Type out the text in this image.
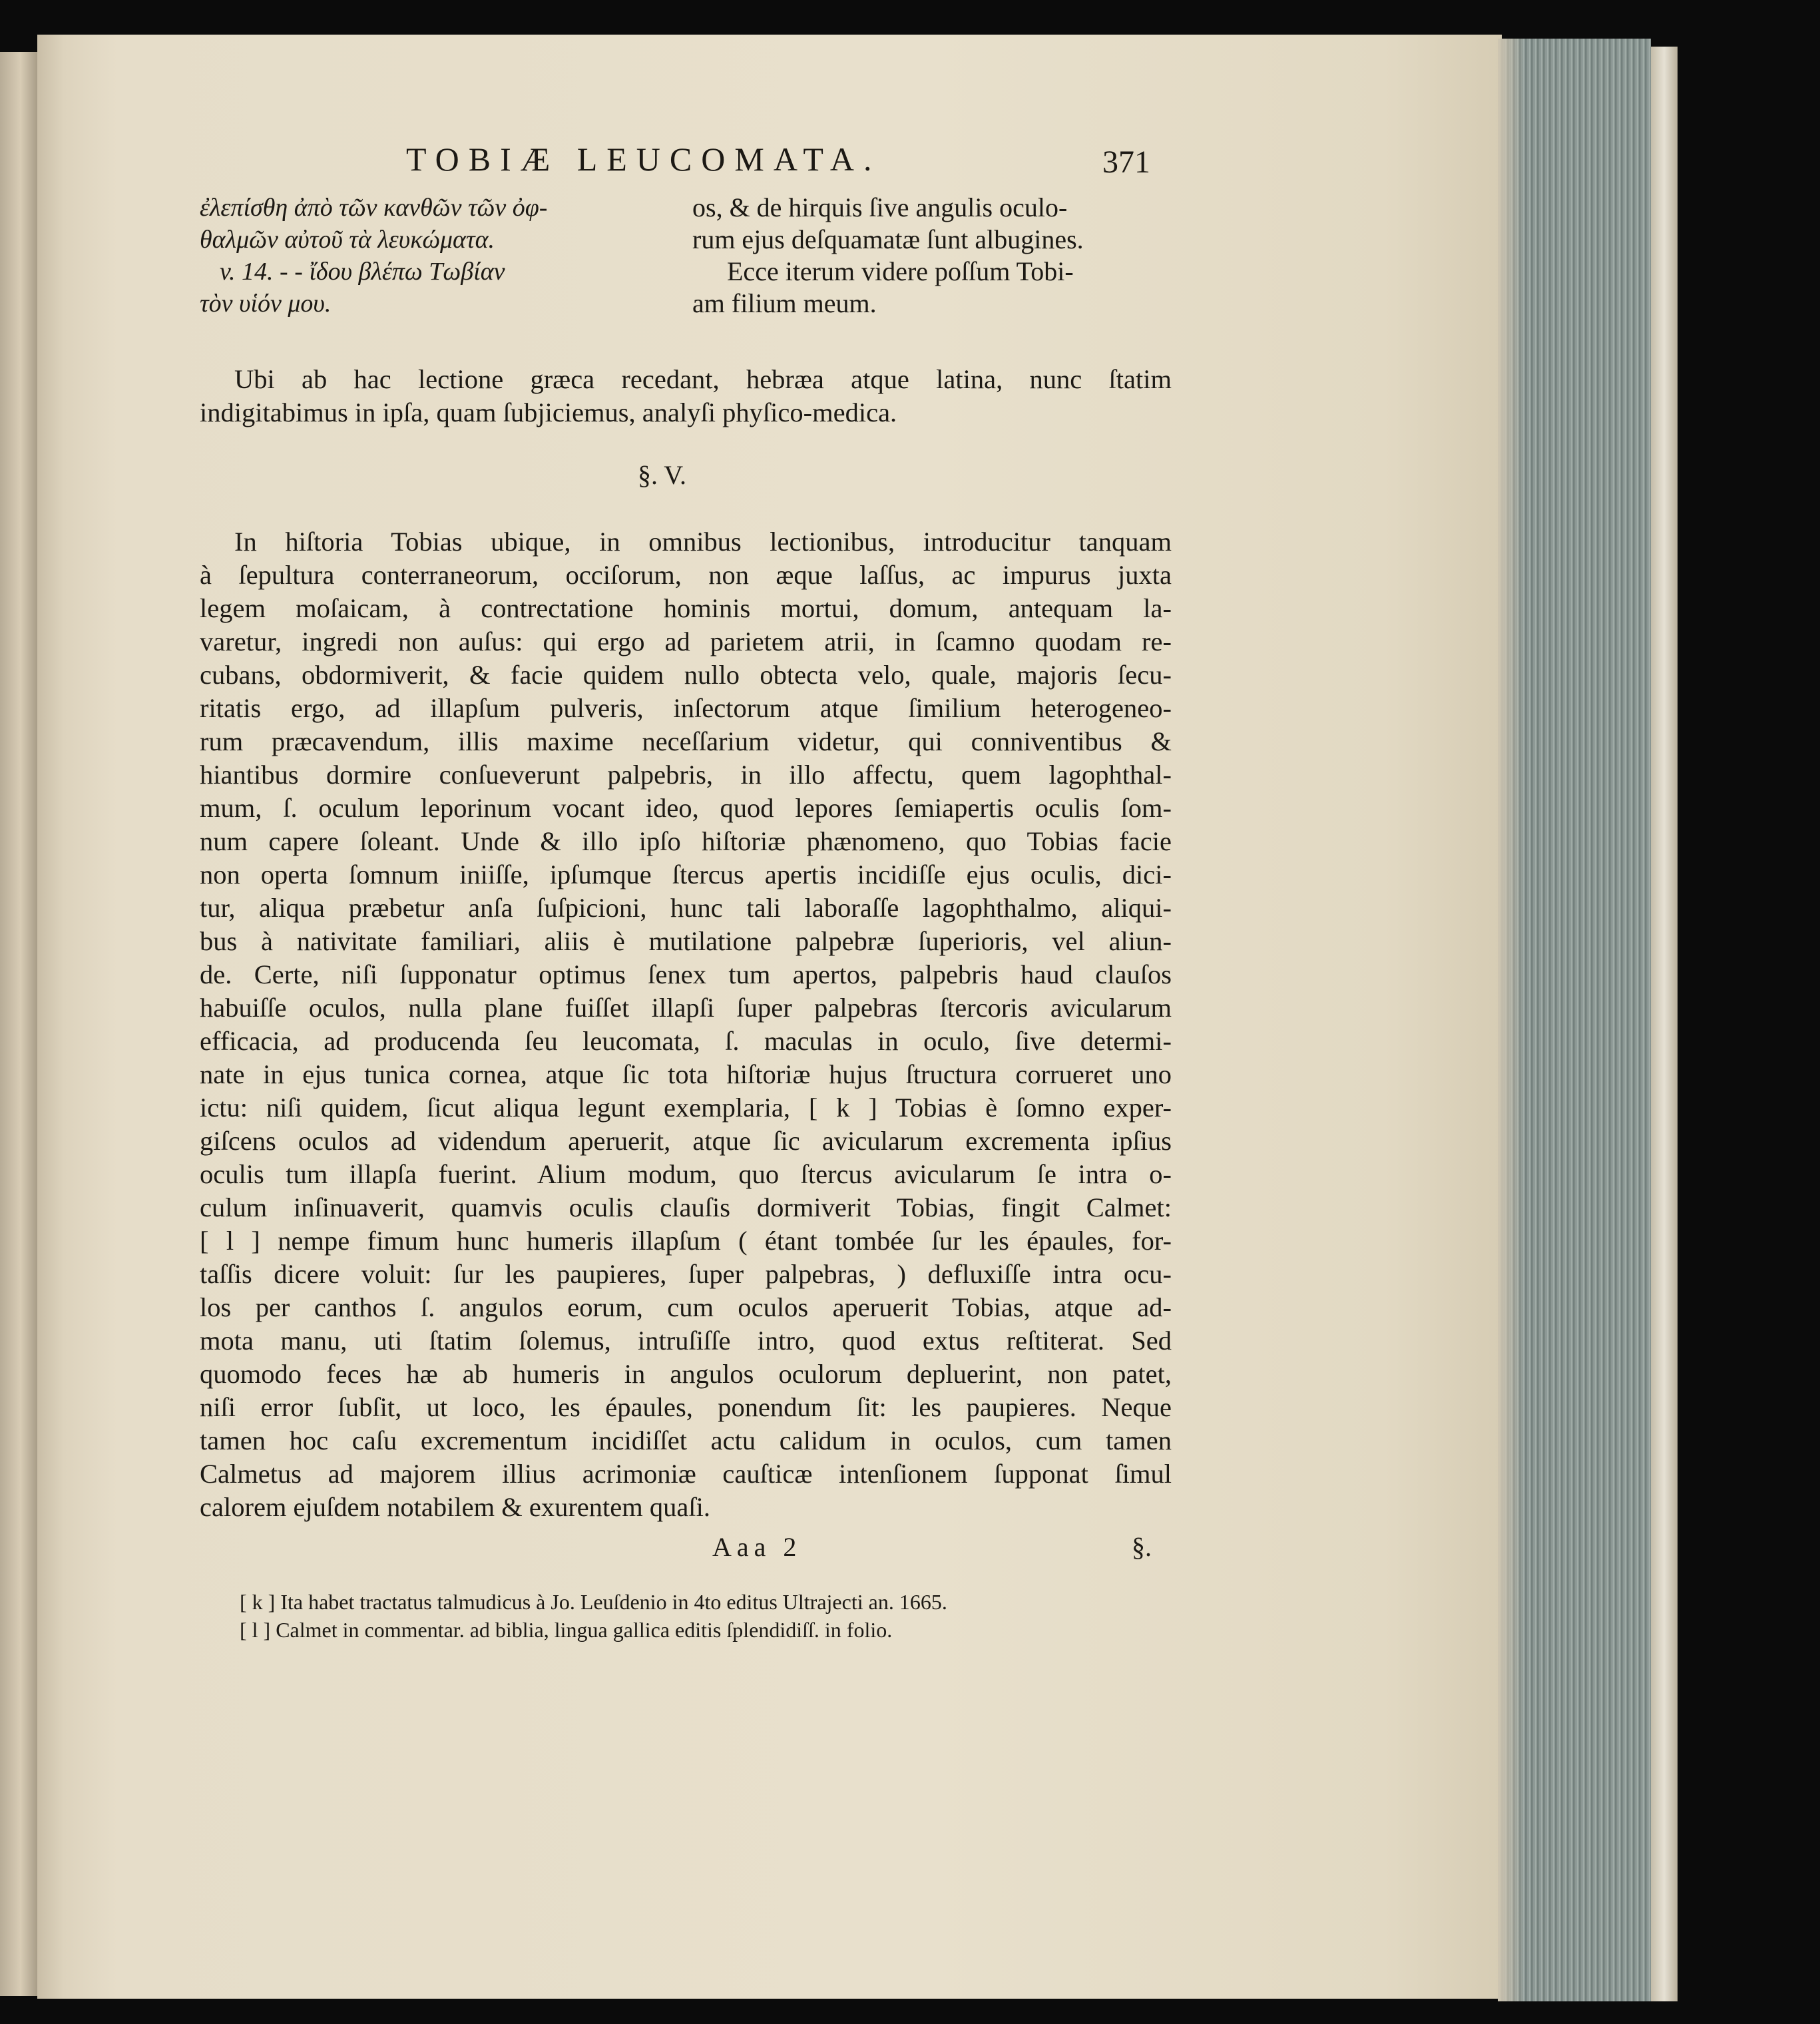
TOBIÆ LEUCOMATA.	371
ἐλεπίσθη ἀπὸ τῶν κανθῶν τῶν ὀφ-
θαλμῶν αὐτοῦ τὰ λευκώματα.
v. 14. - - ἴδου βλέπω Τωβίαν
τὸν υἱόν μου.
os, & de hirquis ſive angulis oculo-
rum ejus deſquamatæ ſunt albugines.
Ecce iterum videre poſſum Tobi-
am filium meum.
Ubi ab hac lectione græca recedant, hebræa atque latina, nunc ſtatim
indigitabimus in ipſa, quam ſubjiciemus, analyſi phyſico-medica.
§. V.
In hiſtoria Tobias ubique, in omnibus lectionibus, introducitur tanquam
à ſepultura conterraneorum, occiſorum, non æque laſſus, ac impurus juxta
legem moſaicam, à contrectatione hominis mortui, domum, antequam la-
varetur, ingredi non auſus: qui ergo ad parietem atrii, in ſcamno quodam re-
cubans, obdormiverit, & facie quidem nullo obtecta velo, quale, majoris ſecu-
ritatis ergo, ad illapſum pulveris, inſectorum atque ſimilium heterogeneo-
rum præcavendum, illis maxime neceſſarium videtur, qui conniventibus &
hiantibus dormire conſueverunt palpebris, in illo affectu, quem lagophthal-
mum, ſ. oculum leporinum vocant ideo, quod lepores ſemiapertis oculis ſom-
num capere ſoleant. Unde & illo ipſo hiſtoriæ phænomeno, quo Tobias facie
non operta ſomnum iniiſſe, ipſumque ſtercus apertis incidiſſe ejus oculis, dici-
tur, aliqua præbetur anſa ſuſpicioni, hunc tali laboraſſe lagophthalmo, aliqui-
bus à nativitate familiari, aliis è mutilatione palpebræ ſuperioris, vel aliun-
de. Certe, niſi ſupponatur optimus ſenex tum apertos, palpebris haud clauſos
habuiſſe oculos, nulla plane fuiſſet illapſi ſuper palpebras ſtercoris avicularum
efficacia, ad producenda ſeu leucomata, ſ. maculas in oculo, ſive determi-
nate in ejus tunica cornea, atque ſic tota hiſtoriæ hujus ſtructura corrueret uno
ictu: niſi quidem, ſicut aliqua legunt exemplaria, [ k ] Tobias è ſomno exper-
giſcens oculos ad videndum aperuerit, atque ſic avicularum excrementa ipſius
oculis tum illapſa fuerint. Alium modum, quo ſtercus avicularum ſe intra o-
culum inſinuaverit, quamvis oculis clauſis dormiverit Tobias, fingit Calmet:
[ l ] nempe fimum hunc humeris illapſum ( étant tombée ſur les épaules, for-
taſſis dicere voluit: ſur les paupieres, ſuper palpebras, ) defluxiſſe intra ocu-
los per canthos ſ. angulos eorum, cum oculos aperuerit Tobias, atque ad-
mota manu, uti ſtatim ſolemus, intruſiſſe intro, quod extus reſtiterat. Sed
quomodo feces hæ ab humeris in angulos oculorum depluerint, non patet,
niſi error ſubſit, ut loco, les épaules, ponendum ſit: les paupieres. Neque
tamen hoc caſu excrementum incidiſſet actu calidum in oculos, cum tamen
Calmetus ad majorem illius acrimoniæ cauſticæ intenſionem ſupponat ſimul
calorem ejuſdem notabilem & exurentem quaſi.
Aaa 2	§.
[ k ] Ita habet tractatus talmudicus à Jo. Leuſdenio in 4to editus Ultrajecti an. 1665.
[ l ] Calmet in commentar. ad biblia, lingua gallica editis ſplendidiſſ. in folio.
